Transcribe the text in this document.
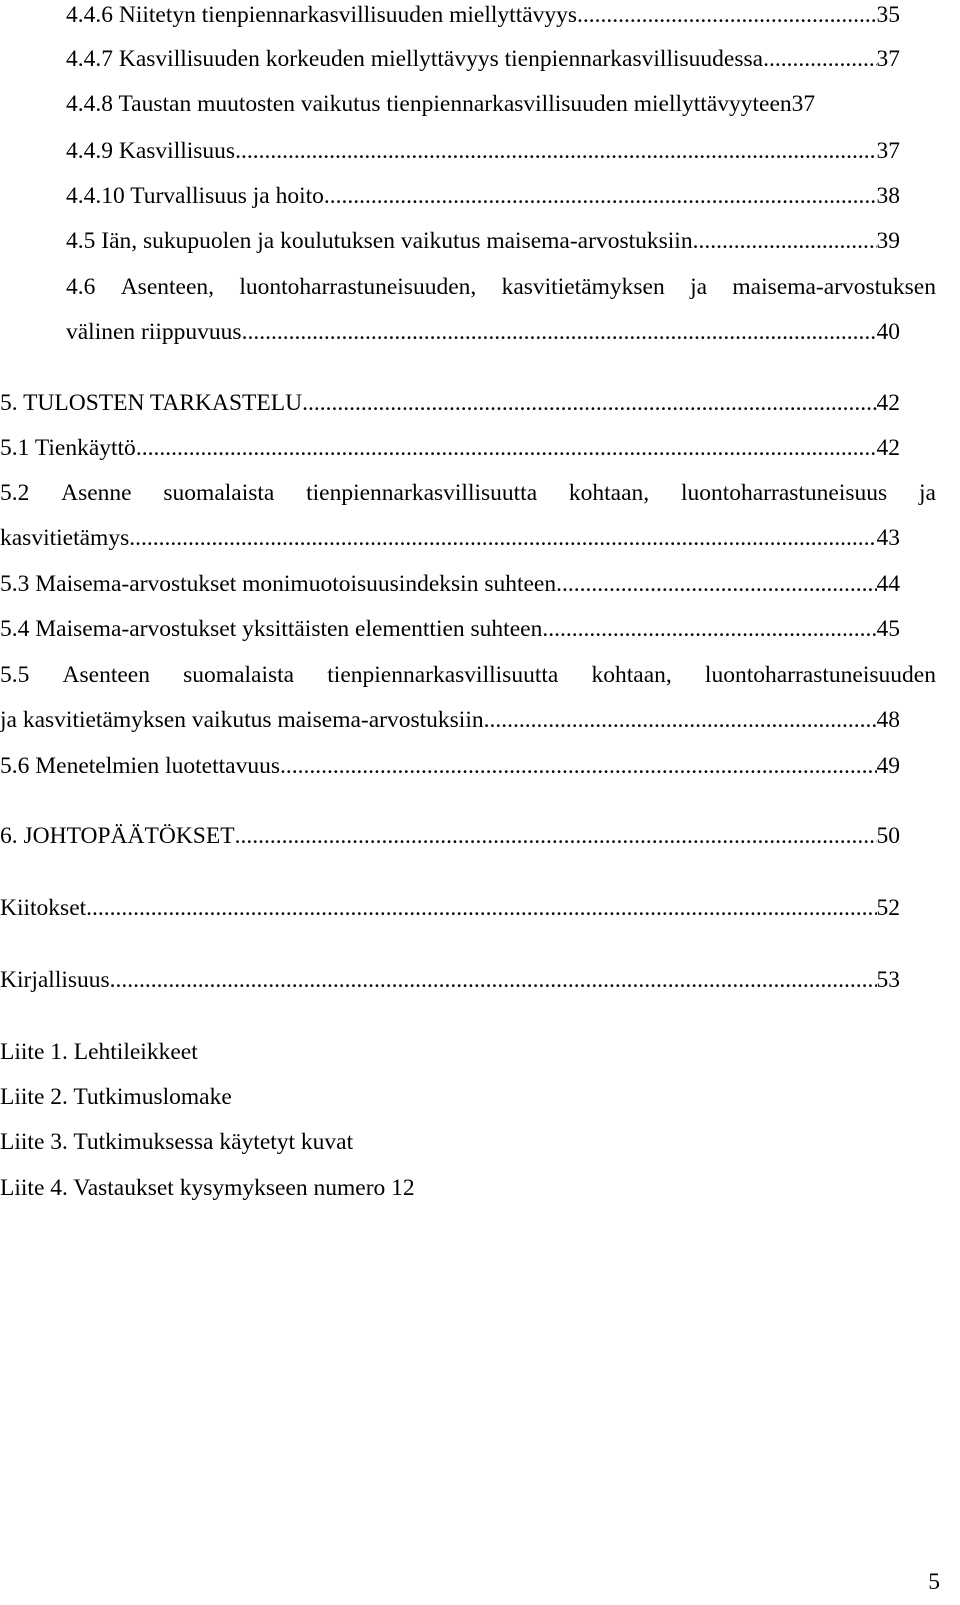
4.4.6 Niitetyn tienpiennarkasvillisuuden miellyttävyys .....	35
4.4.7 Kasvillisuuden korkeuden miellyttävyys tienpiennarkasvillisuudessa .....	37
4.4.8 Taustan muutosten vaikutus tienpiennarkasvillisuuden miellyttävyyteen37
4.4.9 Kasvillisuus .....	37
4.4.10 Turvallisuus ja hoito .....	38
4.5 Iän, sukupuolen ja koulutuksen vaikutus maisema-arvostuksiin .....	39
4.6 Asenteen, luontoharrastuneisuuden, kasvitietämyksen ja maisema-arvostuksen
välinen riippuvuus .....	40
5. TULOSTEN TARKASTELU .....	42
5.1 Tienkäyttö .....	42
5.2 Asenne suomalaista tienpiennarkasvillisuutta kohtaan, luontoharrastuneisuus ja
kasvitietämys .....	43
5.3 Maisema-arvostukset monimuotoisuusindeksin suhteen .....	44
5.4 Maisema-arvostukset yksittäisten elementtien suhteen .....	45
5.5 Asenteen suomalaista tienpiennarkasvillisuutta kohtaan, luontoharrastuneisuuden
ja kasvitietämyksen vaikutus maisema-arvostuksiin .....	48
5.6 Menetelmien luotettavuus .....	49
6. JOHTOPÄÄTÖKSET .....	50
Kiitokset .....	52
Kirjallisuus .....	53
Liite 1. Lehtileikkeet
Liite 2. Tutkimuslomake
Liite 3. Tutkimuksessa käytetyt kuvat
Liite 4. Vastaukset kysymykseen numero 12
5
